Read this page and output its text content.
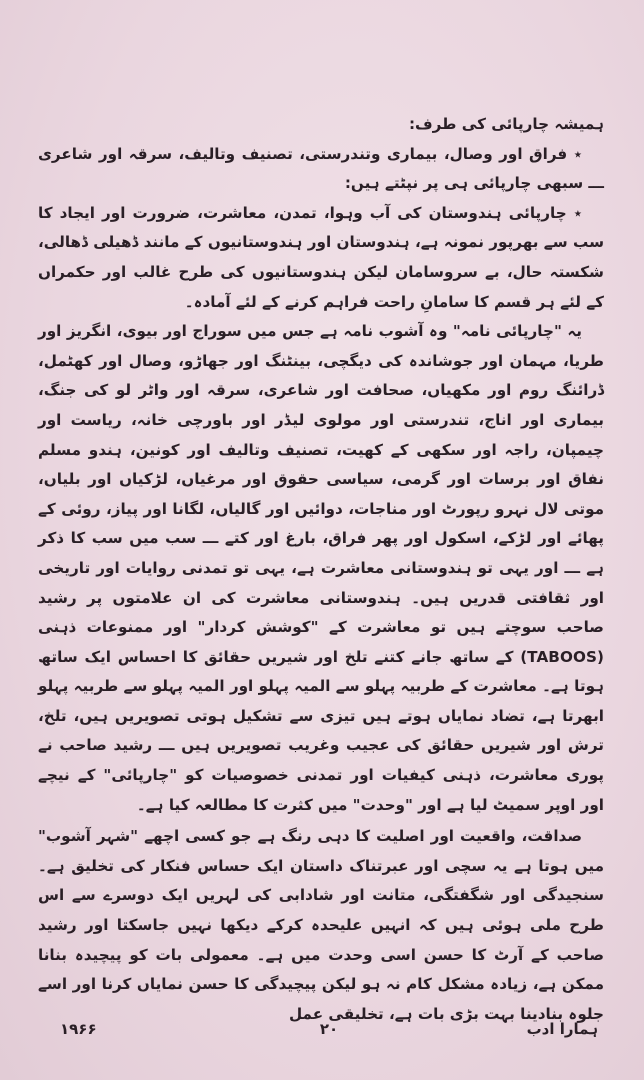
ہمیشہ چارپائی کی طرف:

٭ فراق اور وصال، بیماری وتندرستی، تصنیف وتالیف، سرقہ اور شاعری ـــ سبھی چارپائی ہی پر نپٹتے ہیں:

٭ چارپائی ہندوستان کی آب وہوا، تمدن، معاشرت، ضرورت اور ایجاد کا سب سے بھرپور نمونہ ہے، ہندوستان اور ہندوستانیوں کے مانند ڈھیلی ڈھالی، شکستہ حال، بے سروسامان لیکن ہندوستانیوں کی طرح غالب اور حکمراں کے لئے ہر قسم کا سامانِ راحت فراہم کرنے کے لئے آمادہ۔

یہ "چارپائی نامہ" وہ آشوب نامہ ہے جس میں سوراج اور بیوی، انگریز اور طریا، مہمان اور جوشاندہ کی دیگچی، بینٹنگ اور جھاڑو، وصال اور کھٹمل، ڈرائنگ روم اور مکھیاں، صحافت اور شاعری، سرقہ اور واٹر لو کی جنگ، بیماری اور اناج، تندرستی اور مولوی لیڈر اور باورچی خانہ، ریاست اور چیمپان، راجہ اور سکھی کے کھیت، تصنیف وتالیف اور کونین، ہندو مسلم نفاق اور برسات اور گرمی، سیاسی حقوق اور مرغیاں، لڑکیاں اور بلیاں، موتی لال نہرو رپورٹ اور مناجات، دوائیں اور گالیاں، لگانا اور پیاز، روئی کے پھائے اور لڑکے، اسکول اور پھر فراق، بارغ اور کتے ـــ سب میں سب کا ذکر ہے ـــ اور یہی تو ہندوستانی معاشرت ہے، یہی تو تمدنی روایات اور تاریخی اور ثقافتی قدریں ہیں۔ ہندوستانی معاشرت کی ان علامتوں پر رشید صاحب سوچتے ہیں تو معاشرت کے "کوشش کردار" اور ممنوعات ذہنی (TABOOS) کے ساتھ جانے کتنے تلخ اور شیریں حقائق کا احساس ایک ساتھ ہوتا ہے۔ معاشرت کے طربیہ پہلو سے المیہ پہلو اور المیہ پہلو سے طربیہ پہلو ابھرتا ہے، تضاد نمایاں ہوتے ہیں تیزی سے تشکیل ہوتی تصویریں ہیں، تلخ، ترش اور شیریں حقائق کی عجیب وغریب تصویریں ہیں ـــ رشید صاحب نے پوری معاشرت، ذہنی کیفیات اور تمدنی خصوصیات کو "چارپائی" کے نیچے اور اوپر سمیٹ لیا ہے اور "وحدت" میں کثرت کا مطالعہ کیا ہے۔

صداقت، واقعیت اور اصلیت کا دہی رنگ ہے جو کسی اچھے "شہر آشوب" میں ہوتا ہے یہ سچی اور عبرتناک داستان ایک حساس فنکار کی تخلیق ہے۔ سنجیدگی اور شگفتگی، متانت اور شادابی کی لہریں ایک دوسرے سے اس طرح ملی ہوئی ہیں کہ انہیں علیحدہ کرکے دیکھا نہیں جاسکتا اور رشید صاحب کے آرٹ کا حسن اسی وحدت میں ہے۔ معمولی بات کو پیچیدہ بنانا ممکن ہے، زیادہ مشکل کام نہ ہو لیکن پیچیدگی کا حسن نمایاں کرنا اور اسے جلوہ بنادینا بہت بڑی بات ہے، تخلیقی عمل

۱۹۶۶	۲۰	ہمارا ادب
